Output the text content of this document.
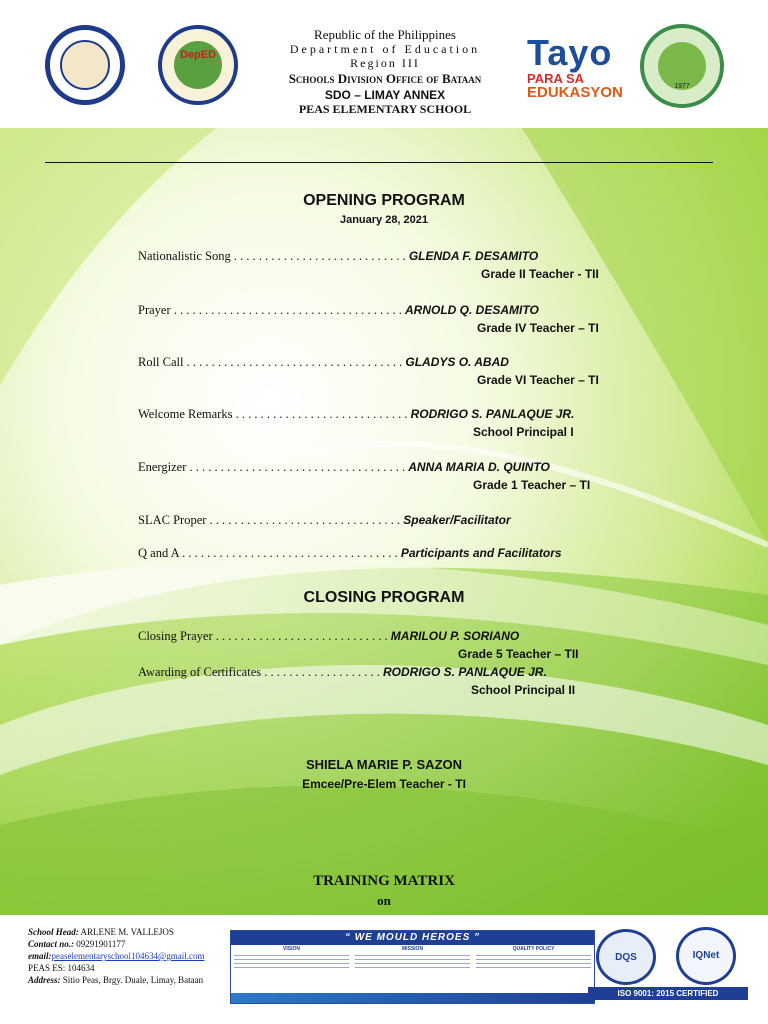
DepED
Republic of the Philippines
Department of Education
Region III
Schools Division Office of Bataan
SDO – LIMAY ANNEX
PEAS ELEMENTARY SCHOOL
Tayo
PARA SA
EDUKASYON	1977
OPENING PROGRAM
January 28, 2021
Nationalistic Song . . . . . . . . . . . . . . . . . . . . . . . . . . . . GLENDA F. DESAMITO
Grade II Teacher - TII
Prayer . . . . . . . . . . . . . . . . . . . . . . . . . . . . . . . . . . . . . ARNOLD Q. DESAMITO
Grade IV Teacher – TI
Roll Call . . . . . . . . . . . . . . . . . . . . . . . . . . . . . . . . . . . GLADYS O. ABAD
Grade VI Teacher – TI
Welcome Remarks . . . . . . . . . . . . . . . . . . . . . . . . . . . . RODRIGO S. PANLAQUE JR.
School Principal I
Energizer . . . . . . . . . . . . . . . . . . . . . . . . . . . . . . . . . . . ANNA MARIA D. QUINTO
Grade 1 Teacher – TI
SLAC Proper . . . . . . . . . . . . . . . . . . . . . . . . . . . . . . . Speaker/Facilitator
Q and A . . . . . . . . . . . . . . . . . . . . . . . . . . . . . . . . . . . Participants and Facilitators
CLOSING PROGRAM
Closing Prayer . . . . . . . . . . . . . . . . . . . . . . . . . . . . MARILOU P. SORIANO
Grade 5 Teacher – TII
Awarding of Certificates . . . . . . . . . . . . . . . . . . . RODRIGO S. PANLAQUE JR.
School Principal II
SHIELA MARIE P. SAZON
Emcee/Pre-Elem Teacher - TI
TRAINING MATRIX
on
School Head: ARLENE M. VALLEJOS
Contact no.: 09291901177
email:peaselementaryschool104634@gmail.com
PEAS ES: 104634
Address: Sitio Peas, Brgy. Duale, Limay, Bataan
“ WE MOULD HEROES ”
VISION	MISSION	QUALITY POLICY
DQS	IQNet
ISO 9001: 2015 CERTIFIED
